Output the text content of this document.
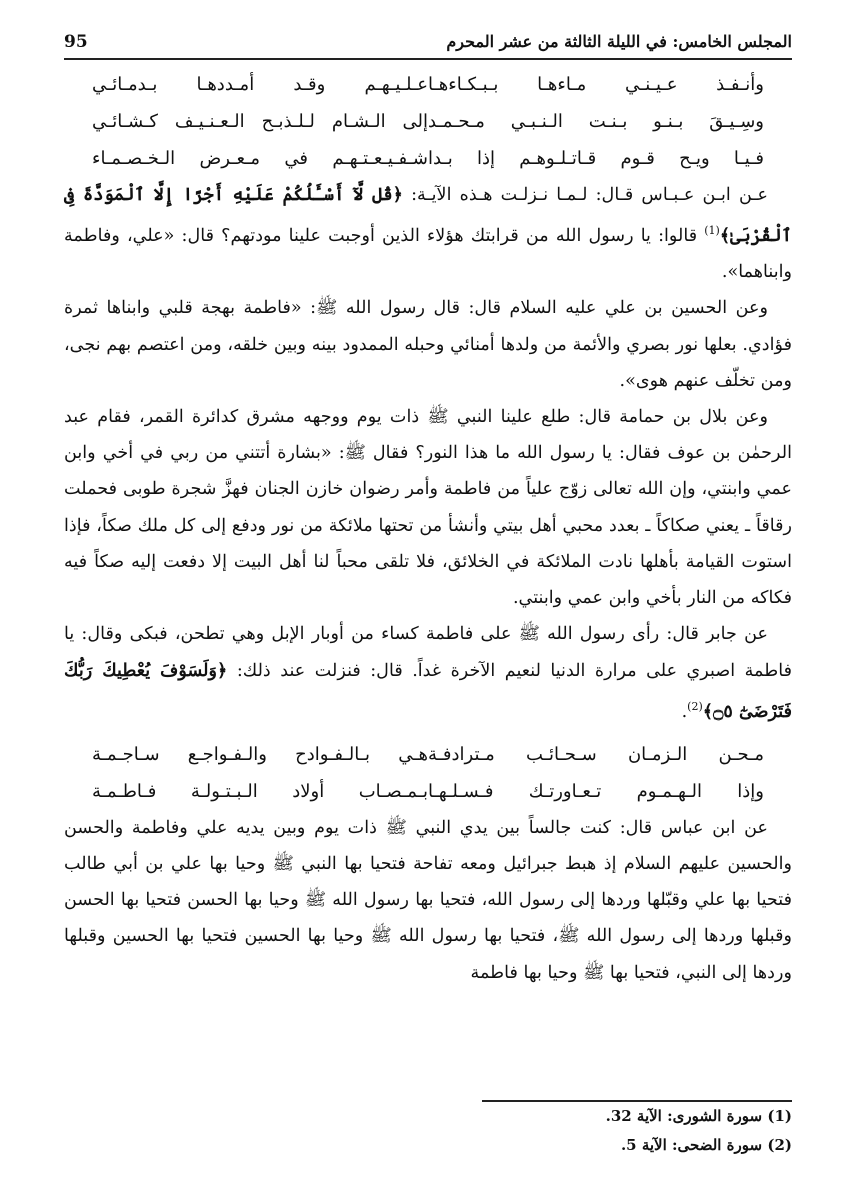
المجلس الخامس: في الليلة الثالثة من عشر المحرم
95
وأنـفـذ عـيـنـي مـاءهـا بـبـكـاءهـا
عـلـيـهـم وقـد أمـددهـا بـدمـائـي
وسِـيـقَ بـنـو بـنـت الـنـبـي مـحـمـد
إلى الـشـام لـلـذبـح الـعـنـيـف كـشـائـي
فـيـا ويـح قـوم قـاتـلـوهـم إذا بـدا
شـفـيـعـتـهـم في مـعـرض الـخـصـمـاء

عـن ابـن عـبـاس قـال: لـمـا نـزلـت هـذه الآيـة: ﴿قُل لَّآ أَسْـَٔلُكُمْ عَلَيْهِ أَجْرًا إِلَّا ٱلْمَوَدَّةَ فِى ٱلْقُرْبَىٰ﴾$^{(1)}$ قالوا: يا رسول الله من قرابتك هؤلاء الذين أوجبت علينا مودتهم؟ قال: «علي، وفاطمة وابناهما».

وعن الحسين بن علي عليه السلام قال: قال رسول الله ﷺ: «فاطمة بهجة قلبي وابناها ثمرة فؤادي. بعلها نور بصري والأئمة من ولدها أمنائي وحبله الممدود بينه وبين خلقه، ومن اعتصم بهم نجى، ومن تخلّف عنهم هوى».

وعن بلال بن حمامة قال: طلع علينا النبي ﷺ ذات يوم ووجهه مشرق كدائرة القمر، فقام عبد الرحمٰن بن عوف فقال: يا رسول الله ما هذا النور؟ فقال ﷺ: «بشارة أتتني من ربي في أخي وابن عمي وابنتي، وإن الله تعالى زوّج علياً من فاطمة وأمر رضوان خازن الجنان فهزَّ شجرة طوبى فحملت رقاقاً ـ يعني صكاكاً ـ بعدد محبي أهل بيتي وأنشأ من تحتها ملائكة من نور ودفع إلى كل ملك صكاً، فإذا استوت القيامة بأهلها نادت الملائكة في الخلائق، فلا تلقى محباً لنا أهل البيت إلا دفعت إليه صكاً فيه فكاكه من النار بأخي وابن عمي وابنتي.

عن جابر قال: رأى رسول الله ﷺ على فاطمة كساء من أوبار الإبل وهي تطحن، فبكى وقال: يا فاطمة اصبري على مرارة الدنيا لنعيم الآخرة غداً. قال: فنزلت عند ذلك: ﴿وَلَسَوْفَ يُعْطِيكَ رَبُّكَ فَتَرْضَىٰٓ ۝٥﴾$^{(2)}$.

مـحـن الـزمـان سـحـائـب مـترادفـة
هـي بـالـفـوادح والـفـواجـع سـاجـمـة
وإذا الـهـمـوم تـعـاورتـك فـسـلـهـا
بـمـصـاب أولاد الـبـتـولـة فـاطـمـة

عن ابن عباس قال: كنت جالساً بين يدي النبي ﷺ ذات يوم وبين يديه علي وفاطمة والحسن والحسين عليهم السلام إذ هبط جبرائيل ومعه تفاحة فتحيا بها النبي ﷺ وحيا بها علي بن أبي طالب فتحيا بها علي وقبّلها وردها إلى رسول الله، فتحيا بها رسول الله ﷺ وحيا بها الحسن فتحيا بها الحسن وقبلها وردها إلى رسول الله ﷺ، فتحيا بها رسول الله ﷺ وحيا بها الحسين فتحيا بها الحسين وقبلها وردها إلى النبي، فتحيا بها ﷺ وحيا بها فاطمة

(1) سورة الشورى: الآية 32.
(2) سورة الضحى: الآية 5.
